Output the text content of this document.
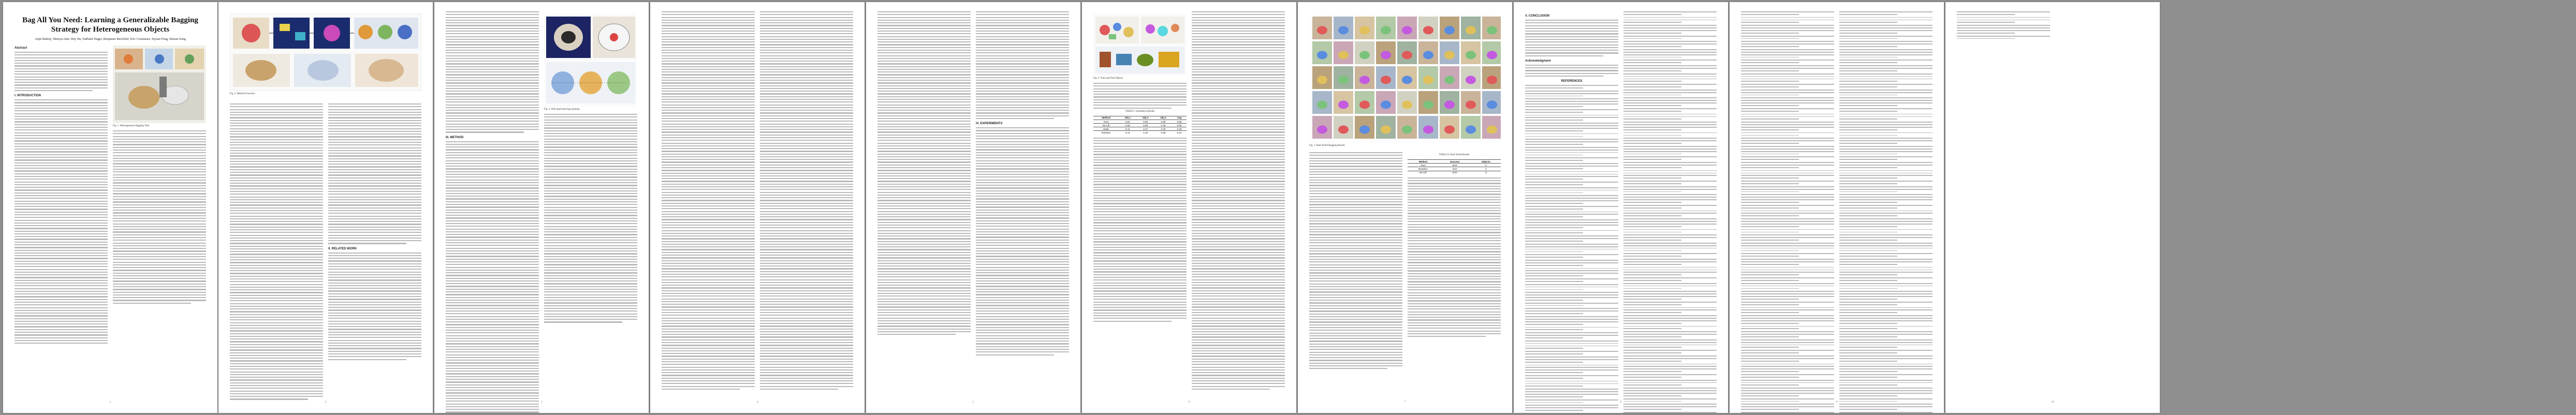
Bag All You Need: Learning a Generalizable Bagging Strategy for Heterogeneous Objects
Arpit Bahety, Shreeya Jain, Huy Ha, Nathalie Hager, Benjamin Burchfiel, Eric Cousineau, Siyuan Feng, Shuran Song
Abstract
I. INTRODUCTION
Fig. 1: Heterogeneous Bagging Task
1
Fig. 2: Method Overview
II. RELATED WORK
2
III. METHOD
Fig. 3: Self-supervised bag opening
3	4
IV. EXPERIMENTS
5
Fig. 4: Train and Test Objects
TABLE I: Simulation Results
Method	Obj 1	Obj 2	Obj 3	Avg
Ours	0.91	0.86	0.80	0.86
No-Lift	0.62	0.55	0.48	0.55
Static	0.41	0.37	0.30	0.36
Random	0.12	0.10	0.08	0.10
6
Fig. 5: Real-World Bagging Results
TABLE II: Real World Results
Method	Success	Objects
Ours	8/10	3
Baseline	3/10	3
No-Lift	5/10	3
7
V. CONCLUSION
Acknowledgment
REFERENCES
8	9	10
